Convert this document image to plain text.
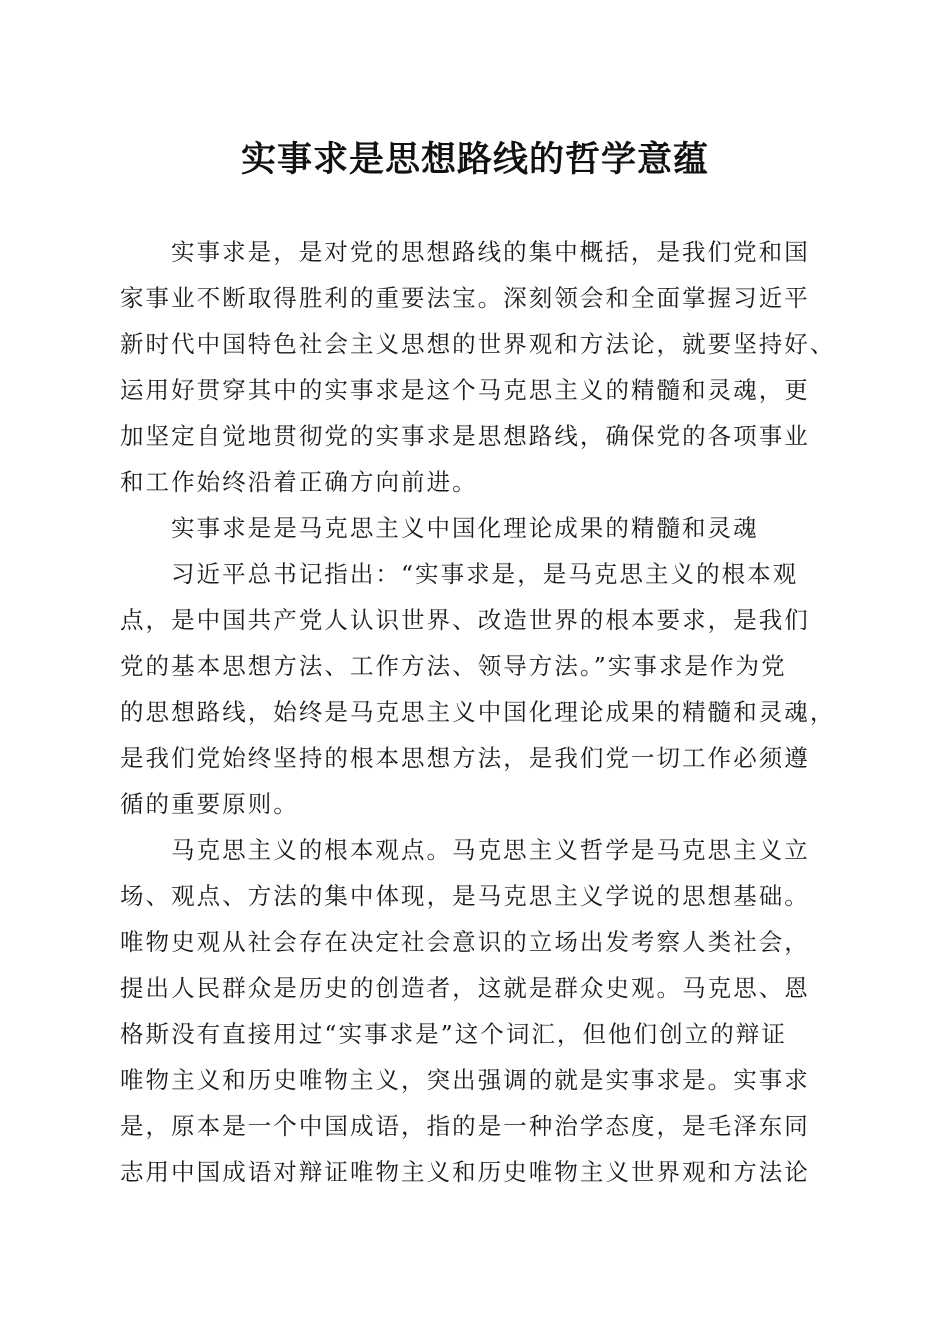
实事求是思想路线的哲学意蕴
实事求是，是对党的思想路线的集中概括，是我们党和国
家事业不断取得胜利的重要法宝。深刻领会和全面掌握习近平
新时代中国特色社会主义思想的世界观和方法论，就要坚持好、
运用好贯穿其中的实事求是这个马克思主义的精髓和灵魂，更
加坚定自觉地贯彻党的实事求是思想路线，确保党的各项事业
和工作始终沿着正确方向前进。
实事求是是马克思主义中国化理论成果的精髓和灵魂
习近平总书记指出：“实事求是，是马克思主义的根本观
点，是中国共产党人认识世界、改造世界的根本要求，是我们
党的基本思想方法、工作方法、领导方法。”实事求是作为党
的思想路线，始终是马克思主义中国化理论成果的精髓和灵魂，
是我们党始终坚持的根本思想方法，是我们党一切工作必须遵
循的重要原则。
马克思主义的根本观点。马克思主义哲学是马克思主义立
场、观点、方法的集中体现，是马克思主义学说的思想基础。
唯物史观从社会存在决定社会意识的立场出发考察人类社会，
提出人民群众是历史的创造者，这就是群众史观。马克思、恩
格斯没有直接用过“实事求是”这个词汇，但他们创立的辩证
唯物主义和历史唯物主义，突出强调的就是实事求是。实事求
是，原本是一个中国成语，指的是一种治学态度，是毛泽东同
志用中国成语对辩证唯物主义和历史唯物主义世界观和方法论
